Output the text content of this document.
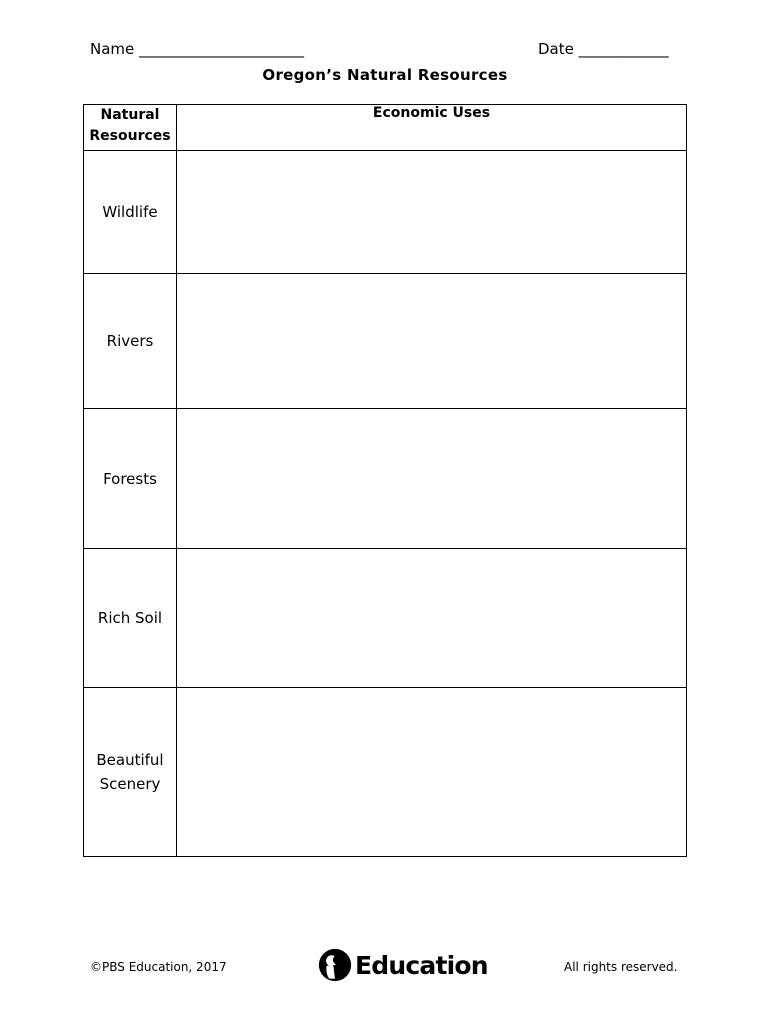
Name ______________________	Date ____________
Oregon’s Natural Resources
Natural
Resources	Economic Uses
Wildlife	
Rivers	
Forests	
Rich Soil	
Beautiful
Scenery	
©PBS Education, 2017	Education	All rights reserved.
